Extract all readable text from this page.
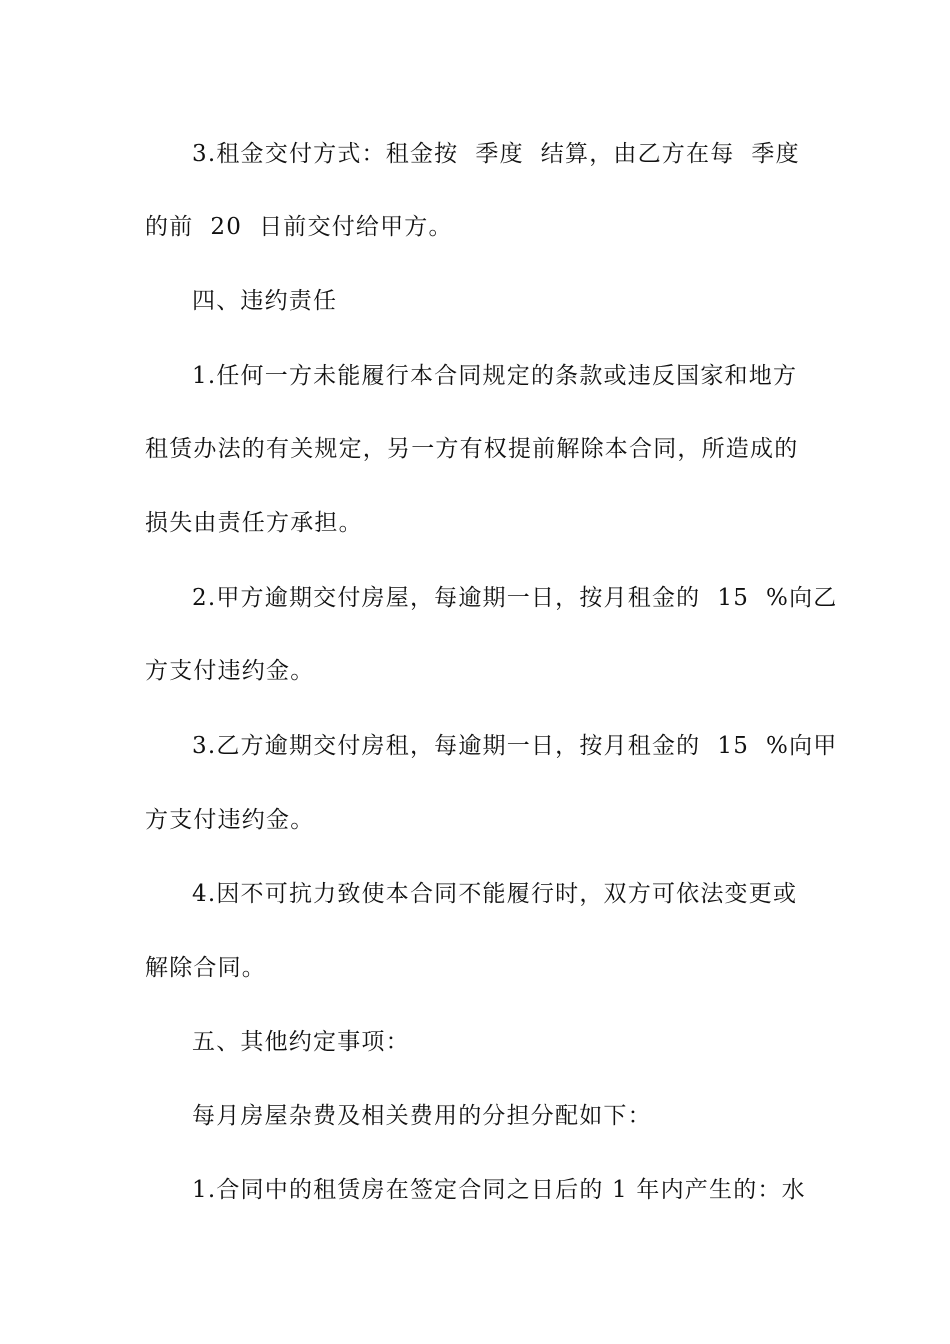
3.租金交付方式：租金按  季度  结算，由乙方在每  季度
的前  20  日前交付给甲方。
四、违约责任
1.任何一方未能履行本合同规定的条款或违反国家和地方
租赁办法的有关规定，另一方有权提前解除本合同，所造成的
损失由责任方承担。
2.甲方逾期交付房屋，每逾期一日，按月租金的  15  %向乙
方支付违约金。
3.乙方逾期交付房租，每逾期一日，按月租金的  15  %向甲
方支付违约金。
4.因不可抗力致使本合同不能履行时，双方可依法变更或
解除合同。
五、其他约定事项：
每月房屋杂费及相关费用的分担分配如下：
1.合同中的租赁房在签定合同之日后的 1 年内产生的：水
